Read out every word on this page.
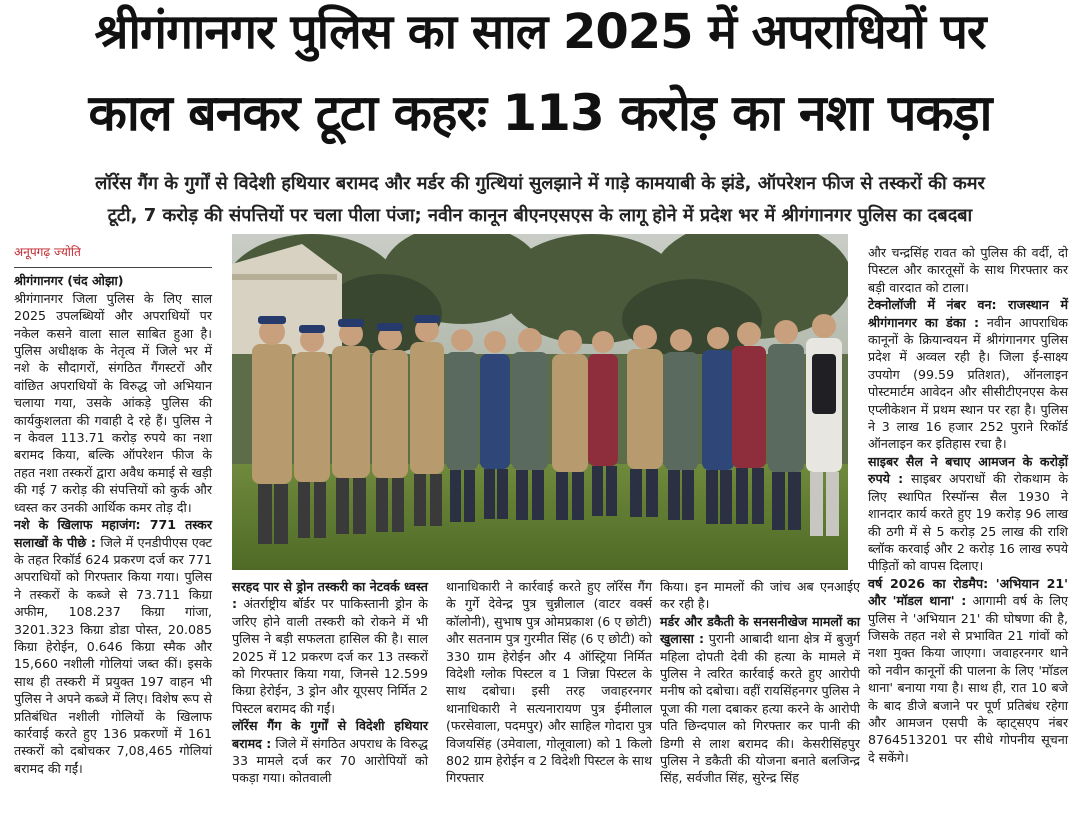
श्रीगंगानगर पुलिस का साल 2025 में अपराधियों पर
काल बनकर टूटा कहरः 113 करोड़ का नशा पकड़ा
लॉरेंस गैंग के गुर्गों से विदेशी हथियार बरामद और मर्डर की गुत्थियां सुलझाने में गाड़े कामयाबी के झंडे, ऑपरेशन फीज से तस्करों की कमर
टूटी, 7 करोड़ की संपत्तियों पर चला पीला पंजा; नवीन कानून बीएनएसएस के लागू होने में प्रदेश भर में श्रीगंगानगर पुलिस का दबदबा
अनूपगढ़ ज्योति

श्रीगंगानगर (चंद ओझा)

श्रीगंगानगर जिला पुलिस के लिए साल 2025 उपलब्धियों और अपराधियों पर नकेल कसने वाला साल साबित हुआ है। पुलिस अधीक्षक के नेतृत्व में जिले भर में नशे के सौदागरों, संगठित गैंगस्टरों और वांछित अपराधियों के विरुद्ध जो अभियान चलाया गया, उसके आंकड़े पुलिस की कार्यकुशलता की गवाही दे रहे हैं। पुलिस ने न केवल 113.71 करोड़ रुपये का नशा बरामद किया, बल्कि ऑपरेशन फीज के तहत नशा तस्करों द्वारा अवैध कमाई से खड़ी की गई 7 करोड़ की संपत्तियों को कुर्क और ध्वस्त कर उनकी आर्थिक कमर तोड़ दी।

नशे के खिलाफ महाजंग: 771 तस्कर सलाखों के पीछे : जिले में एनडीपीएस एक्ट के तहत रिकॉर्ड 624 प्रकरण दर्ज कर 771 अपराधियों को गिरफ्तार किया गया। पुलिस ने तस्करों के कब्जे से 73.711 किग्रा अफीम, 108.237 किग्रा गांजा, 3201.323 किग्रा डोडा पोस्त, 20.085 किग्रा हेरोईन, 0.646 किग्रा स्मैक और 15,660 नशीली गोलियां जब्त कीं। इसके साथ ही तस्करी में प्रयुक्त 197 वाहन भी पुलिस ने अपने कब्जे में लिए। विशेष रूप से प्रतिबंधित नशीली गोलियों के खिलाफ कार्रवाई करते हुए 136 प्रकरणों में 161 तस्करों को दबोचकर 7,08,465 गोलियां बरामद की गईं।

सरहद पार से ड्रोन तस्करी का नेटवर्क ध्वस्त : अंतर्राष्ट्रीय बॉर्डर पर पाकिस्तानी ड्रोन के जरिए होने वाली तस्करी को रोकने में भी पुलिस ने बड़ी सफलता हासिल की है। साल 2025 में 12 प्रकरण दर्ज कर 13 तस्करों को गिरफ्तार किया गया, जिनसे 12.599 किग्रा हेरोईन, 3 ड्रोन और यूएसए निर्मित 2 पिस्टल बरामद की गईं।

लॉरेंस गैंग के गुर्गों से विदेशी हथियार बरामद : जिले में संगठित अपराध के विरुद्ध 33 मामले दर्ज कर 70 आरोपियों को पकड़ा गया। कोतवाली

थानाधिकारी ने कार्रवाई करते हुए लॉरेंस गैंग के गुर्गे देवेन्द्र पुत्र चुन्नीलाल (वाटर वर्क्स कॉलोनी), सुभाष पुत्र ओमप्रकाश (6 ए छोटी) और सतनाम पुत्र गुरमीत सिंह (6 ए छोटी) को 330 ग्राम हेरोईन और 4 ऑस्ट्रिया निर्मित विदेशी ग्लोक पिस्टल व 1 जिन्ना पिस्टल के साथ दबोचा। इसी तरह जवाहरनगर थानाधिकारी ने सत्यनारायण पुत्र ईमीलाल (फरसेवाला, पदमपुर) और साहिल गोदारा पुत्र विजयसिंह (उमेवाला, गोलूवाला) को 1 किलो 802 ग्राम हेरोईन व 2 विदेशी पिस्टल के साथ गिरफ्तार

किया। इन मामलों की जांच अब एनआईए कर रही है।

मर्डर और डकैती के सनसनीखेज मामलों का खुलासा : पुरानी आबादी थाना क्षेत्र में बुजुर्ग महिला दोपती देवी की हत्या के मामले में पुलिस ने त्वरित कार्रवाई करते हुए आरोपी मनीष को दबोचा। वहीं रायसिंहनगर पुलिस ने पूजा की गला दबाकर हत्या करने के आरोपी पति छिन्दपाल को गिरफ्तार कर पानी की डिग्गी से लाश बरामद की। केसरीसिंहपुर पुलिस ने डकैती की योजना बनाते बलजिन्द्र सिंह, सर्वजीत सिंह, सुरेन्द्र सिंह

और चन्द्रसिंह रावत को पुलिस की वर्दी, दो पिस्टल और कारतूसों के साथ गिरफ्तार कर बड़ी वारदात को टाला।

टेक्नोलॉजी में नंबर वन: राजस्थान में श्रीगंगानगर का डंका : नवीन आपराधिक कानूनों के क्रियान्वयन में श्रीगंगानगर पुलिस प्रदेश में अव्वल रही है। जिला ई-साक्ष्य उपयोग (99.59 प्रतिशत), ऑनलाइन पोस्टमार्टम आवेदन और सीसीटीएनएस केस एप्लीकेशन में प्रथम स्थान पर रहा है। पुलिस ने 3 लाख 16 हजार 252 पुराने रिकॉर्ड ऑनलाइन कर इतिहास रचा है।

साइबर सैल ने बचाए आमजन के करोड़ों रुपये : साइबर अपराधों की रोकथाम के लिए स्थापित रिस्पॉन्स सैल 1930 ने शानदार कार्य करते हुए 19 करोड़ 96 लाख की ठगी में से 5 करोड़ 25 लाख की राशि ब्लॉक करवाई और 2 करोड़ 16 लाख रुपये पीड़ितों को वापस दिलाए।

वर्ष 2026 का रोडमैप: 'अभियान 21' और 'मॉडल थाना' : आगामी वर्ष के लिए पुलिस ने 'अभियान 21' की घोषणा की है, जिसके तहत नशे से प्रभावित 21 गांवों को नशा मुक्त किया जाएगा। जवाहरनगर थाने को नवीन कानूनों की पालना के लिए 'मॉडल थाना' बनाया गया है। साथ ही, रात 10 बजे के बाद डीजे बजाने पर पूर्ण प्रतिबंध रहेगा और आमजन एसपी के व्हाट्सएप नंबर 8764513201 पर सीधे गोपनीय सूचना दे सकेंगे।
